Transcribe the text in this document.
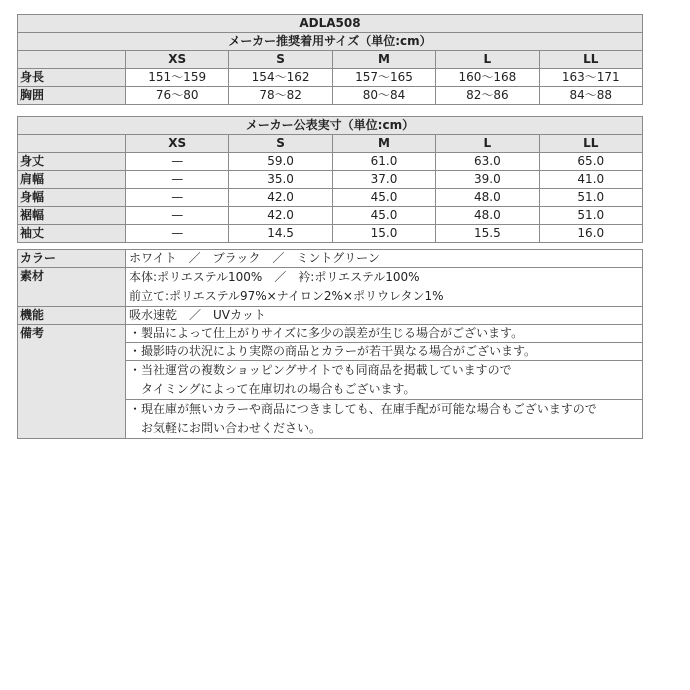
ADLA508					
メーカー推奨着用サイズ（単位:cm）					
	XS	S	M	L	LL
身長	151～159	154～162	157～165	160～168	163～171
胸囲	76～80	78～82	80～84	82～86	84～88
メーカー公表実寸（単位:cm）					
	XS	S	M	L	LL
身丈	—	59.0	61.0	63.0	65.0
肩幅	—	35.0	37.0	39.0	41.0
身幅	—	42.0	45.0	48.0	51.0
裾幅	—	42.0	45.0	48.0	51.0
袖丈	—	14.5	15.0	15.5	16.0
カラー	ホワイト　／　ブラック　／　ミントグリーン
素材	本体:ポリエステル100%　／　衿:ポリエステル100%
前立て:ポリエステル97%×ナイロン2%×ポリウレタン1%

機能	吸水速乾　／　UVカット
備考	・製品によって仕上がりサイズに多少の誤差が生じる場合がございます。
	・撮影時の状況により実際の商品とカラーが若干異なる場合がございます。

	・当社運営の複数ショッピングサイトでも同商品を掲載していますので
　タイミングによって在庫切れの場合もございます。

	・現在庫が無いカラーや商品につきましても、在庫手配が可能な場合もございますので
　お気軽にお問い合わせください。
